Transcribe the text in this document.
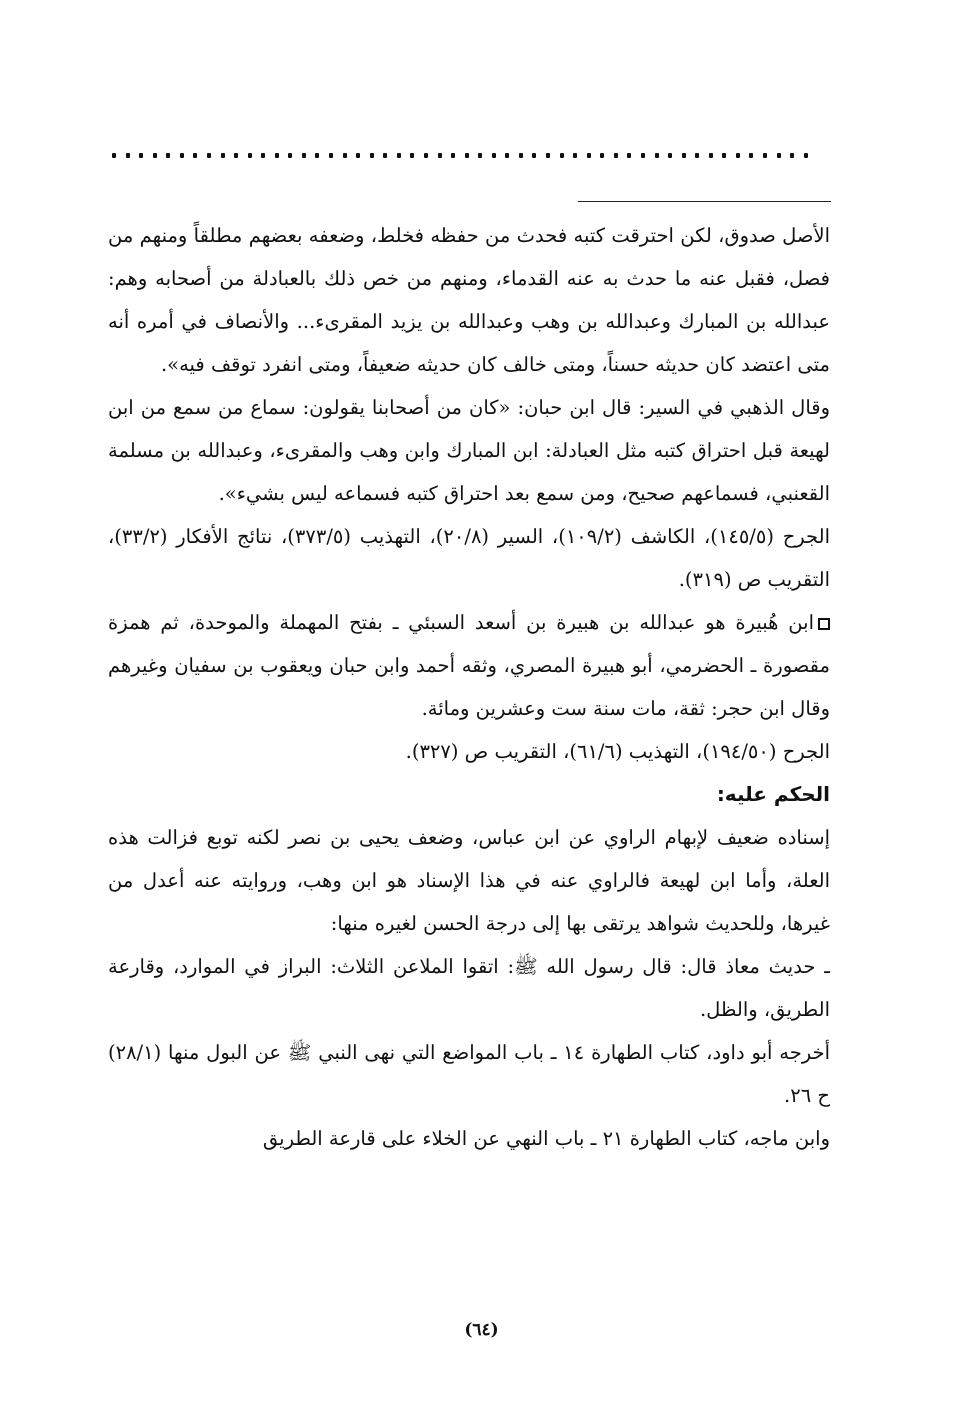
الأصل صدوق، لكن احترقت كتبه فحدث من حفظه فخلط، وضعفه بعضهم مطلقاً ومنهم من فصل، فقبل عنه ما حدث به عنه القدماء، ومنهم من خص ذلك بالعبادلة من أصحابه وهم: عبدالله بن المبارك وعبدالله بن وهب وعبدالله بن يزيد المقرىء... والأنصاف في أمره أنه متى اعتضد كان حديثه حسناً، ومتى خالف كان حديثه ضعيفاً، ومتى انفرد توقف فيه».

وقال الذهبي في السير: قال ابن حبان: «كان من أصحابنا يقولون: سماع من سمع من ابن لهيعة قبل احتراق كتبه مثل العبادلة: ابن المبارك وابن وهب والمقرىء، وعبدالله بن مسلمة القعنبي، فسماعهم صحيح، ومن سمع بعد احتراق كتبه فسماعه ليس بشيء».

الجرح (١٤٥/٥)، الكاشف (١٠٩/٢)، السير (٢٠/٨)، التهذيب (٣٧٣/٥)، نتائج الأفكار (٣٣/٢)، التقريب ص (٣١٩).

ابن هُبيرة هو عبدالله بن هبيرة بن أسعد السبئي ـ بفتح المهملة والموحدة، ثم همزة مقصورة ـ الحضرمي، أبو هبيرة المصري، وثقه أحمد وابن حبان ويعقوب بن سفيان وغيرهم وقال ابن حجر: ثقة، مات سنة ست وعشرين ومائة.

الجرح (١٩٤/٥٠)، التهذيب (٦١/٦)، التقريب ص (٣٢٧).

الحكم عليه:

إسناده ضعيف لإبهام الراوي عن ابن عباس، وضعف يحيى بن نصر لكنه توبع فزالت هذه العلة، وأما ابن لهيعة فالراوي عنه في هذا الإسناد هو ابن وهب، وروايته عنه أعدل من غيرها، وللحديث شواهد يرتقى بها إلى درجة الحسن لغيره منها:

ـ حديث معاذ قال: قال رسول الله ﷺ: اتقوا الملاعن الثلاث: البراز في الموارد، وقارعة الطريق، والظل.

أخرجه أبو داود، كتاب الطهارة ١٤ ـ باب المواضع التي نهى النبي ﷺ عن البول منها (٢٨/١) ح ٢٦.

وابن ماجه، كتاب الطهارة ٢١ ـ باب النهي عن الخلاء على قارعة الطريق

(٦٤)
